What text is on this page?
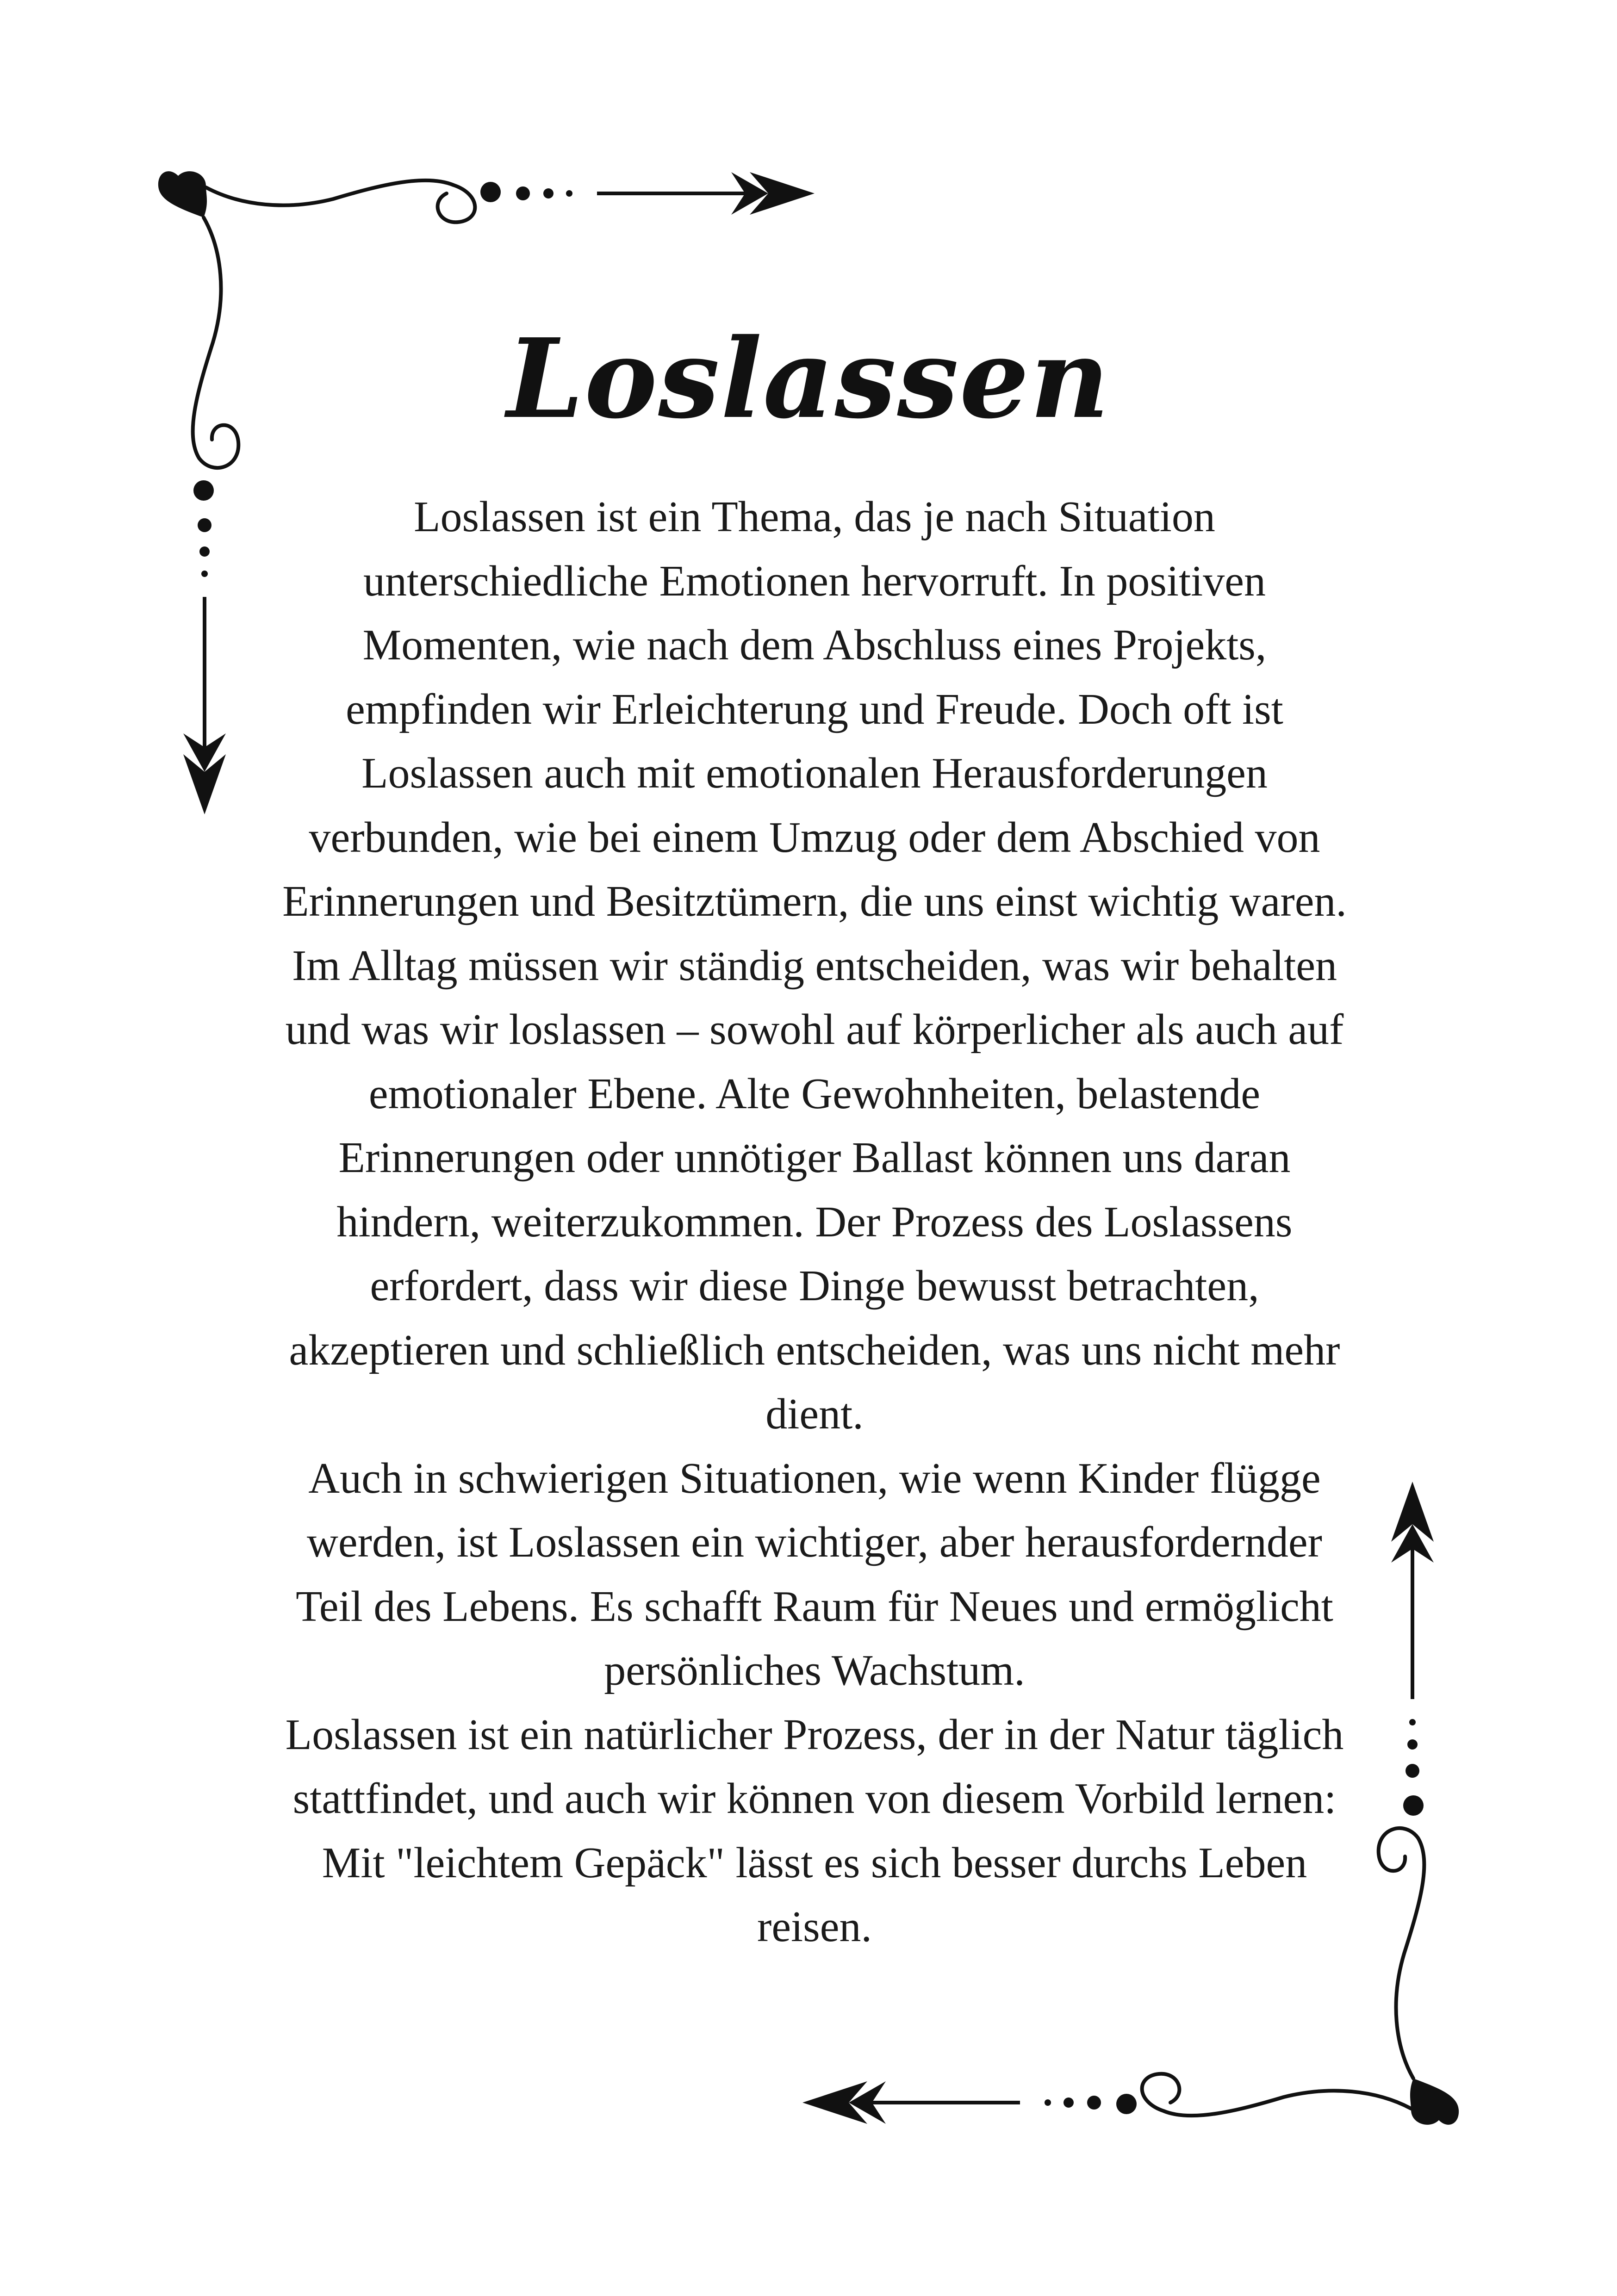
Loslassen

Loslassen ist ein Thema, das je nach Situation
unterschiedliche Emotionen hervorruft. In positiven
Momenten, wie nach dem Abschluss eines Projekts,
empfinden wir Erleichterung und Freude. Doch oft ist
Loslassen auch mit emotionalen Herausforderungen
verbunden, wie bei einem Umzug oder dem Abschied von
Erinnerungen und Besitztümern, die uns einst wichtig waren.
Im Alltag müssen wir ständig entscheiden, was wir behalten
und was wir loslassen – sowohl auf körperlicher als auch auf
emotionaler Ebene. Alte Gewohnheiten, belastende
Erinnerungen oder unnötiger Ballast können uns daran
hindern, weiterzukommen. Der Prozess des Loslassens
erfordert, dass wir diese Dinge bewusst betrachten,
akzeptieren und schließlich entscheiden, was uns nicht mehr
dient.
Auch in schwierigen Situationen, wie wenn Kinder flügge
werden, ist Loslassen ein wichtiger, aber herausfordernder
Teil des Lebens. Es schafft Raum für Neues und ermöglicht
persönliches Wachstum.
Loslassen ist ein natürlicher Prozess, der in der Natur täglich
stattfindet, und auch wir können von diesem Vorbild lernen:
Mit "leichtem Gepäck" lässt es sich besser durchs Leben
reisen.
